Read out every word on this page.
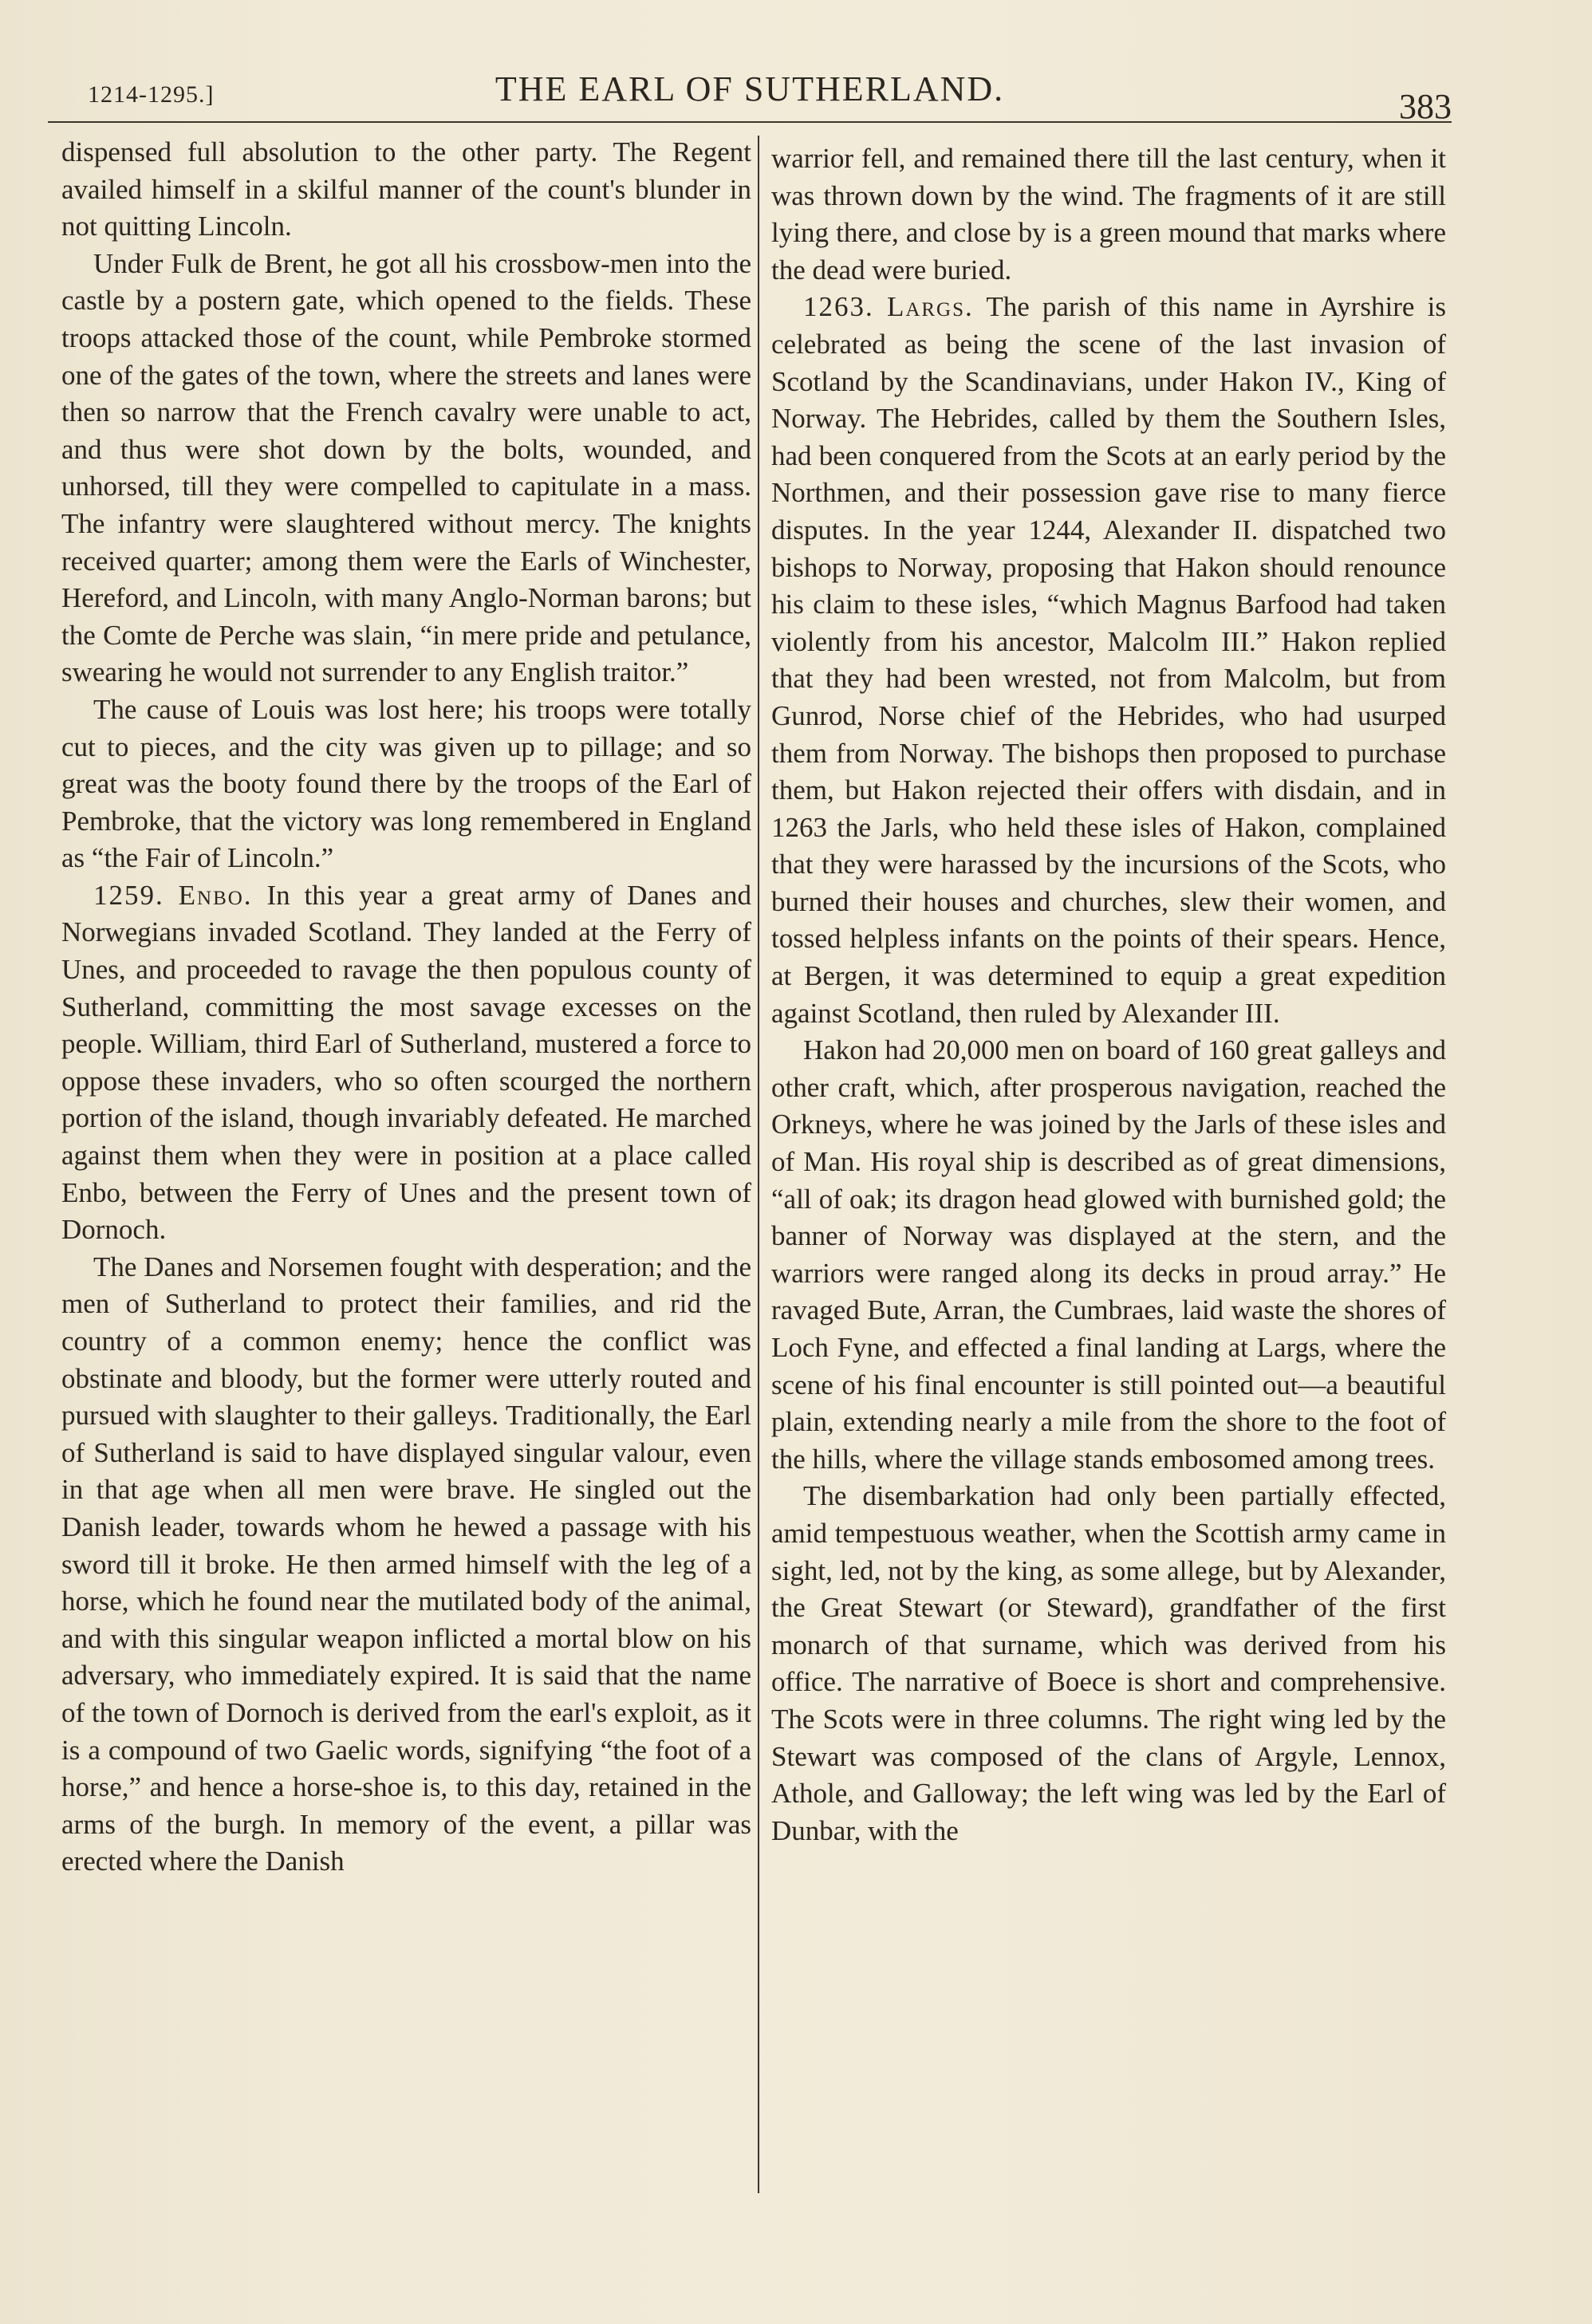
1214-1295.]	THE EARL OF SUTHERLAND.	383

dispensed full absolution to the other party. The Regent availed himself in a skilful manner of the count's blunder in not quitting Lincoln.

Under Fulk de Brent, he got all his crossbow-men into the castle by a postern gate, which opened to the fields. These troops attacked those of the count, while Pembroke stormed one of the gates of the town, where the streets and lanes were then so narrow that the French cavalry were unable to act, and thus were shot down by the bolts, wounded, and unhorsed, till they were compelled to capitulate in a mass. The infantry were slaughtered without mercy. The knights received quarter; among them were the Earls of Winchester, Hereford, and Lincoln, with many Anglo-Norman barons; but the Comte de Perche was slain, “in mere pride and petulance, swearing he would not surrender to any English traitor.”

The cause of Louis was lost here; his troops were totally cut to pieces, and the city was given up to pillage; and so great was the booty found there by the troops of the Earl of Pembroke, that the victory was long remembered in England as “the Fair of Lincoln.”

1259. Enbo. In this year a great army of Danes and Norwegians invaded Scotland. They landed at the Ferry of Unes, and proceeded to ravage the then populous county of Sutherland, committing the most savage excesses on the people. William, third Earl of Sutherland, mustered a force to oppose these invaders, who so often scourged the northern portion of the island, though invariably defeated. He marched against them when they were in position at a place called Enbo, between the Ferry of Unes and the present town of Dornoch.

The Danes and Norsemen fought with desperation; and the men of Sutherland to protect their families, and rid the country of a common enemy; hence the conflict was obstinate and bloody, but the former were utterly routed and pursued with slaughter to their galleys. Traditionally, the Earl of Sutherland is said to have displayed singular valour, even in that age when all men were brave. He singled out the Danish leader, towards whom he hewed a passage with his sword till it broke. He then armed himself with the leg of a horse, which he found near the mutilated body of the animal, and with this singular weapon inflicted a mortal blow on his adversary, who immediately expired. It is said that the name of the town of Dornoch is derived from the earl's exploit, as it is a compound of two Gaelic words, signifying “the foot of a horse,” and hence a horse-shoe is, to this day, retained in the arms of the burgh. In memory of the event, a pillar was erected where the Danish

warrior fell, and remained there till the last century, when it was thrown down by the wind. The fragments of it are still lying there, and close by is a green mound that marks where the dead were buried.

1263. Largs. The parish of this name in Ayrshire is celebrated as being the scene of the last invasion of Scotland by the Scandinavians, under Hakon IV., King of Norway. The Hebrides, called by them the Southern Isles, had been conquered from the Scots at an early period by the Northmen, and their possession gave rise to many fierce disputes. In the year 1244, Alexander II. dispatched two bishops to Norway, proposing that Hakon should renounce his claim to these isles, “which Magnus Barfood had taken violently from his ancestor, Malcolm III.” Hakon replied that they had been wrested, not from Malcolm, but from Gunrod, Norse chief of the Hebrides, who had usurped them from Norway. The bishops then proposed to purchase them, but Hakon rejected their offers with disdain, and in 1263 the Jarls, who held these isles of Hakon, complained that they were harassed by the incursions of the Scots, who burned their houses and churches, slew their women, and tossed helpless infants on the points of their spears. Hence, at Bergen, it was determined to equip a great expedition against Scotland, then ruled by Alexander III.

Hakon had 20,000 men on board of 160 great galleys and other craft, which, after prosperous navigation, reached the Orkneys, where he was joined by the Jarls of these isles and of Man. His royal ship is described as of great dimensions, “all of oak; its dragon head glowed with burnished gold; the banner of Norway was displayed at the stern, and the warriors were ranged along its decks in proud array.” He ravaged Bute, Arran, the Cumbraes, laid waste the shores of Loch Fyne, and effected a final landing at Largs, where the scene of his final encounter is still pointed out—a beautiful plain, extending nearly a mile from the shore to the foot of the hills, where the village stands embosomed among trees.

The disembarkation had only been partially effected, amid tempestuous weather, when the Scottish army came in sight, led, not by the king, as some allege, but by Alexander, the Great Stewart (or Steward), grandfather of the first monarch of that surname, which was derived from his office. The narrative of Boece is short and comprehensive. The Scots were in three columns. The right wing led by the Stewart was composed of the clans of Argyle, Lennox, Athole, and Galloway; the left wing was led by the Earl of Dunbar, with the
